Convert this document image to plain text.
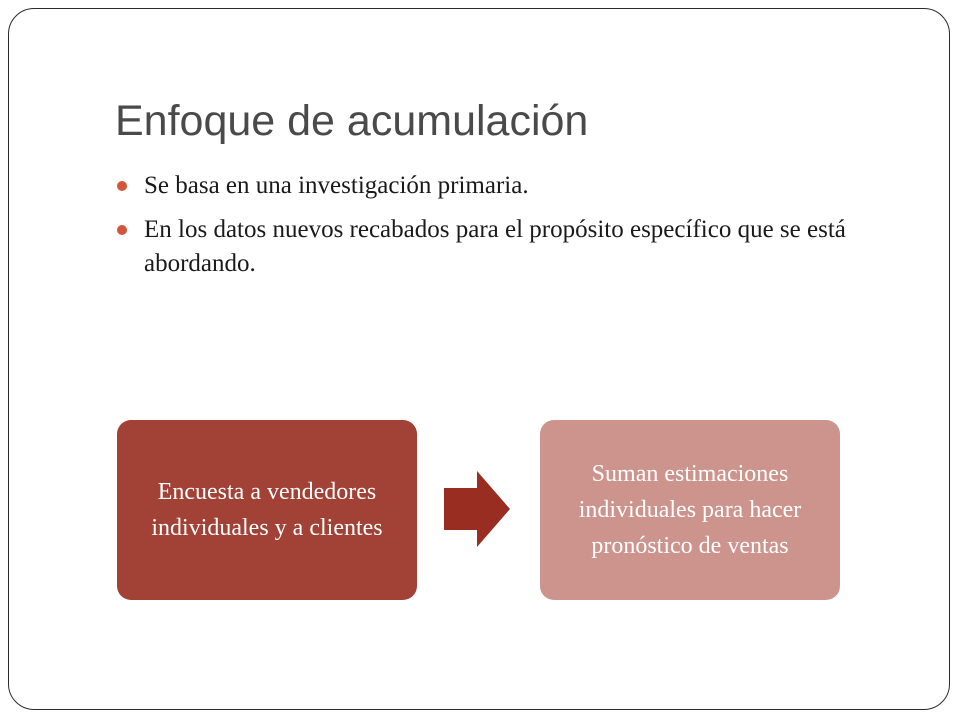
Enfoque de acumulación
Se basa en una investigación primaria.
En los datos nuevos recabados para el propósito específico que se está abordando.
Encuesta a vendedores individuales y a clientes
Suman estimaciones individuales para hacer pronóstico de ventas
